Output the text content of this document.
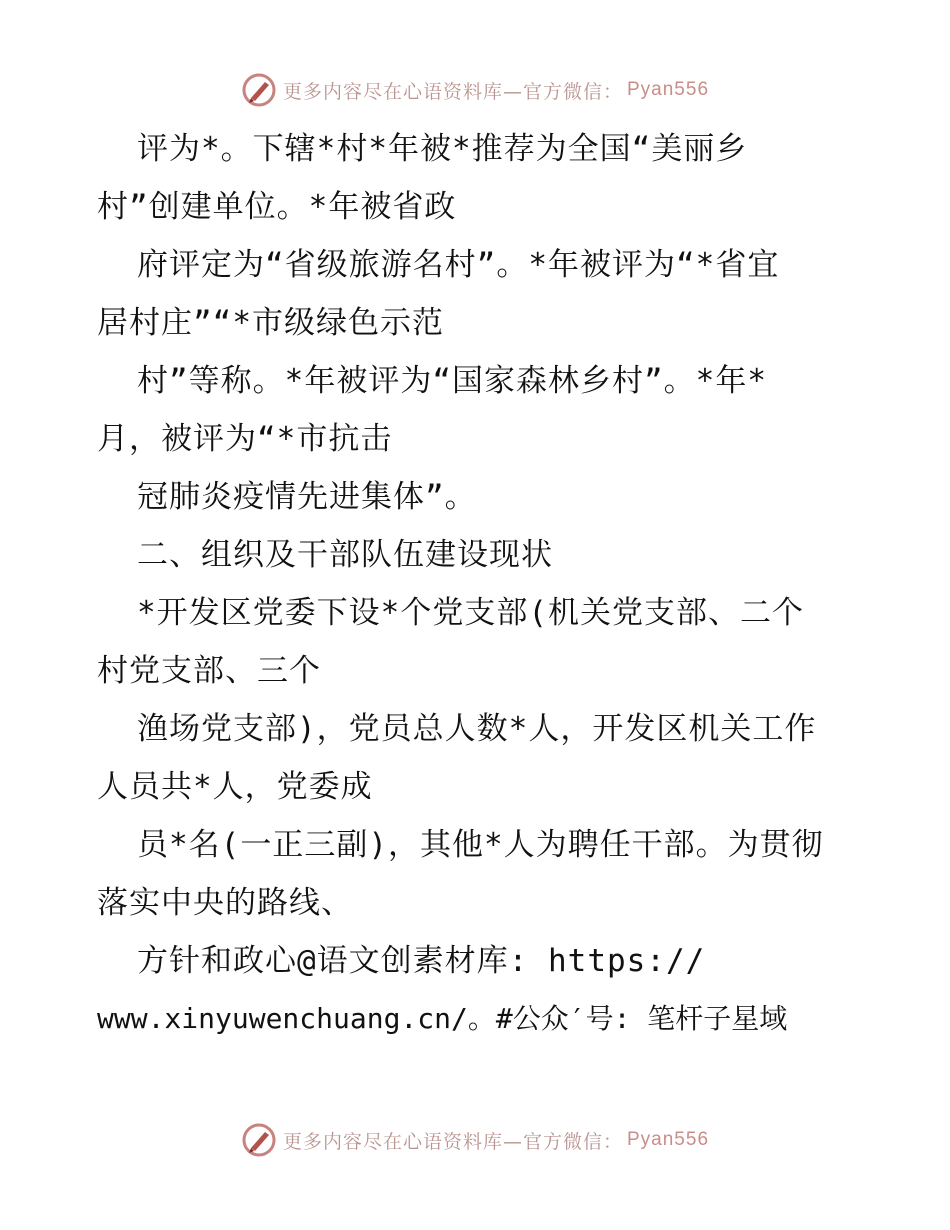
更多内容尽在心语资料库—官方微信： Pyan556
评为*。下辖*村*年被*推荐为全国“美丽乡
村”创建单位。*年被省政
府评定为“省级旅游名村”。*年被评为“*省宜
居村庄”“*市级绿色示范
村”等称。*年被评为“国家森林乡村”。*年*
月，被评为“*市抗击
冠肺炎疫情先进集体”。
二、组织及干部队伍建设现状
*开发区党委下设*个党支部(机关党支部、二个
村党支部、三个
渔场党支部)，党员总人数*人，开发区机关工作
人员共*人，党委成
员*名(一正三副)，其他*人为聘任干部。为贯彻
落实中央的路线、
方针和政心@语文创素材库: https://
www.xinyuwenchuang.cn/。#公众′号: 笔杆子星域
更多内容尽在心语资料库—官方微信： Pyan556
